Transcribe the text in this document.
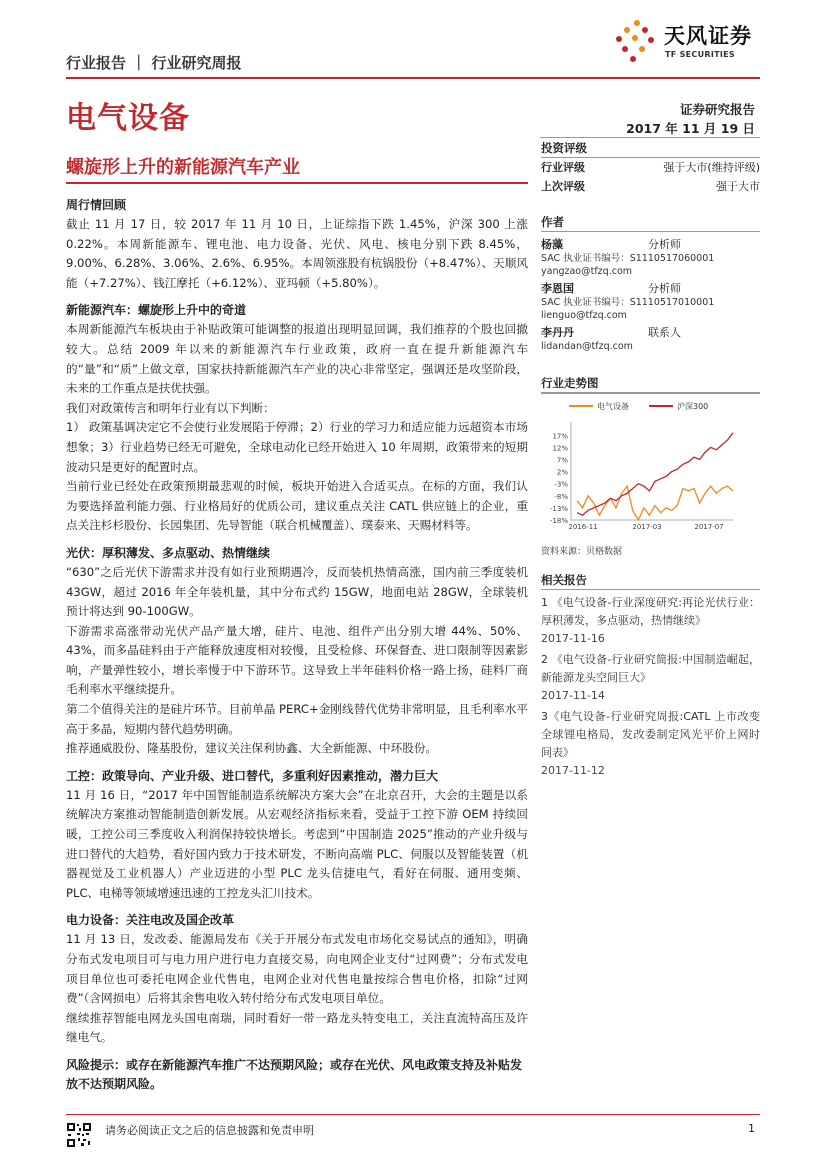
天风证券
TF SECURITIES
行业报告 ｜ 行业研究周报
电气设备	证券研究报告
2017 年 11 月 19 日
螺旋形上升的新能源汽车产业
周行情回顾

截止 11 月 17 日，较 2017 年 11 月 10 日，上证综指下跌 1.45%，沪深 300 上涨 0.22%。本周新能源车、锂电池、电力设备、光伏、风电、核电分别下跌 8.45%，9.00%、6.28%、3.06%、2.6%、6.95%。本周领涨股有杭锅股份（+8.47%）、天顺风能（+7.27%）、钱江摩托（+6.12%）、亚玛顿（+5.80%）。

新能源汽车：螺旋形上升中的奇道

本周新能源汽车板块由于补贴政策可能调整的报道出现明显回调，我们推荐的个股也回撤较大。总结 2009 年以来的新能源汽车行业政策，政府一直在提升新能源汽车的“量”和“质”上做文章，国家扶持新能源汽车产业的决心非常坚定，强调还是攻坚阶段，未来的工作重点是扶优扶强。

我们对政策传言和明年行业有以下判断：

1） 政策基调决定它不会使行业发展陷于停滞；2）行业的学习力和适应能力远超资本市场想象；3）行业趋势已经无可避免，全球电动化已经开始进入 10 年周期，政策带来的短期波动只是更好的配置时点。

当前行业已经处在政策预期最悲观的时候，板块开始进入合适买点。在标的方面，我们认为要选择盈利能力强、行业格局好的优质公司，建议重点关注 CATL 供应链上的企业，重点关注杉杉股份、长园集团、先导智能（联合机械覆盖）、璞泰来、天赐材料等。

光伏：厚积薄发、多点驱动、热情继续

“630”之后光伏下游需求并没有如行业预期遇冷，反而装机热情高涨，国内前三季度装机 43GW，超过 2016 年全年装机量，其中分布式约 15GW，地面电站 28GW，全球装机预计将达到 90-100GW。

下游需求高涨带动光伏产品产量大增，硅片、电池、组件产出分别大增 44%、50%、43%，而多晶硅料由于产能释放速度相对较慢，且受检修、环保督查、进口限制等因素影响，产量弹性较小，增长率慢于中下游环节。这导致上半年硅料价格一路上扬，硅料厂商毛利率水平继续提升。

第二个值得关注的是硅片环节。目前单晶 PERC+金刚线替代优势非常明显，且毛利率水平高于多晶，短期内替代趋势明确。

推荐通威股份、隆基股份，建议关注保利协鑫、大全新能源、中环股份。

工控：政策导向、产业升级、进口替代，多重利好因素推动，潜力巨大

11 月 16 日，“2017 年中国智能制造系统解决方案大会”在北京召开，大会的主题是以系统解决方案推动智能制造创新发展。从宏观经济指标来看，受益于工控下游 OEM 持续回暖，工控公司三季度收入利润保持较快增长。考虑到“中国制造 2025”推动的产业升级与进口替代的大趋势，看好国内致力于技术研发，不断向高端 PLC、伺服以及智能装置（机器视觉及工业机器人）产业迈进的小型 PLC 龙头信捷电气，看好在伺服、通用变频、PLC、电梯等领域增速迅速的工控龙头汇川技术。

电力设备：关注电改及国企改革

11 月 13 日，发改委、能源局发布《关于开展分布式发电市场化交易试点的通知》，明确分布式发电项目可与电力用户进行电力直接交易，向电网企业支付“过网费”；分布式发电项目单位也可委托电网企业代售电，电网企业对代售电量按综合售电价格，扣除“过网费”（含网损电）后将其余售电收入转付给分布式发电项目单位。

继续推荐智能电网龙头国电南瑞，同时看好一带一路龙头特变电工，关注直流特高压及许继电气。

风险提示：或存在新能源汽车推广不达预期风险；或存在光伏、风电政策支持及补贴发放不达预期风险。
投资评级
行业评级	强于大市(维持评级)
上次评级	强于大市
作者
杨藻	分析师
SAC 执业证书编号：S1110517060001
yangzao@tfzq.com
李恩国	分析师
SAC 执业证书编号：S1110517010001
lienguo@tfzq.com
李丹丹	联系人
lidandan@tfzq.com
行业走势图
17%
12%
7%
2%
-3%
-8%
-13%
-18%
2016-11	2017-03	2017-07
电气设备	沪深300
资料来源：贝格数据
相关报告
1 《电气设备-行业深度研究:再论光伏行业：厚积薄发，多点驱动，热情继续》
2017-11-16
2 《电气设备-行业研究简报:中国制造崛起，新能源龙头空间巨大》
2017-11-14
3《电气设备-行业研究周报:CATL 上市改变全球锂电格局，发改委制定风光平价上网时间表》
2017-11-12
请务必阅读正文之后的信息披露和免责申明	1
